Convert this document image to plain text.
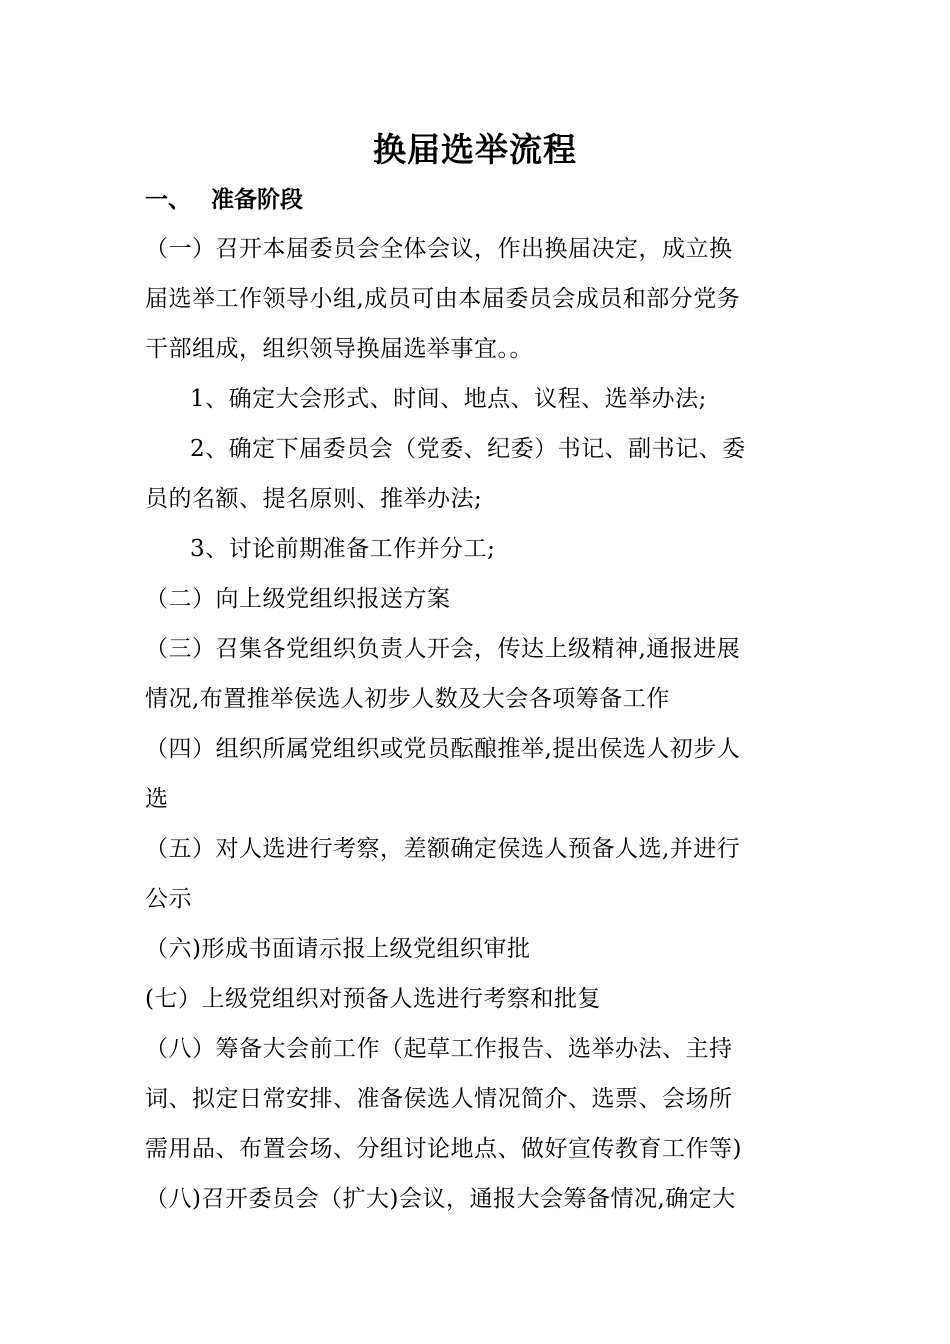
换届选举流程
一、 准备阶段
（一）召开本届委员会全体会议，作出换届决定，成立换
届选举工作领导小组,成员可由本届委员会成员和部分党务
干部组成，组织领导换届选举事宜。。
1、确定大会形式、时间、地点、议程、选举办法;
2、确定下届委员会（党委、纪委）书记、副书记、委
员的名额、提名原则、推举办法;
3、讨论前期准备工作并分工;
（二）向上级党组织报送方案
（三）召集各党组织负责人开会，传达上级精神,通报进展
情况,布置推举侯选人初步人数及大会各项筹备工作
（四）组织所属党组织或党员酝酿推举,提出侯选人初步人
选
（五）对人选进行考察，差额确定侯选人预备人选,并进行
公示
（六)形成书面请示报上级党组织审批
(七）上级党组织对预备人选进行考察和批复
（八）筹备大会前工作（起草工作报告、选举办法、主持
词、拟定日常安排、准备侯选人情况简介、选票、会场所
需用品、布置会场、分组讨论地点、做好宣传教育工作等)
（八)召开委员会（扩大)会议，通报大会筹备情况,确定大
